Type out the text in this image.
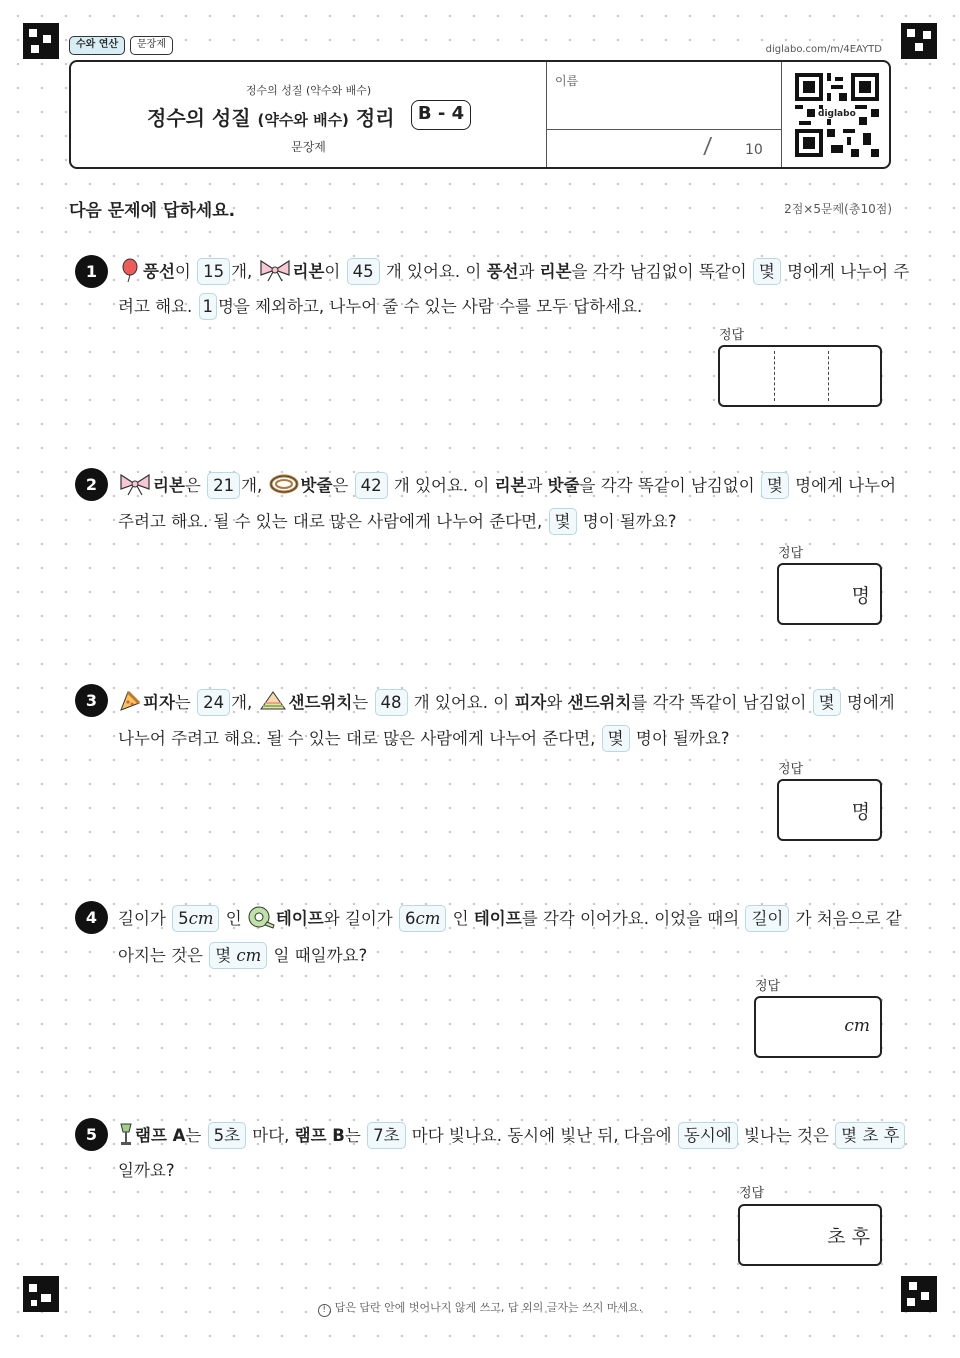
수와 연산	문장제	diglabo.com/m/4EAYTD
정수의 성질 (약수와 배수)
정수의 성질 (약수와 배수) 정리	B - 4
문장제
이름
/ 10
diglabo
다음 문제에 답하세요.	2점×5문제(총10점)
1	풍선이 15 개, 리본이 45 개 있어요. 이 풍선과 리본을 각각 남김없이 똑같이 몇 명에게 나누어 주
려고 해요. 1 명을 제외하고, 나누어 줄 수 있는 사람 수를 모두 답하세요.
정답
2	리본은 21 개, 밧줄은 42 개 있어요. 이 리본과 밧줄을 각각 똑같이 남김없이 몇 명에게 나누어
주려고 해요. 될 수 있는 대로 많은 사람에게 나누어 준다면, 몇 명이 될까요?
정답
명
3	피자는 24 개, 샌드위치는 48 개 있어요. 이 피자와 샌드위치를 각각 똑같이 남김없이 몇 명에게
나누어 주려고 해요. 될 수 있는 대로 많은 사람에게 나누어 준다면, 몇 명이 될까요?
정답
명
4	길이가 5cm 인 테이프와 길이가 6cm 인 테이프를 각각 이어가요. 이었을 때의 길이 가 처음으로 같
아지는 것은 몇 cm 일 때일까요?
정답
cm
5	램프 A는 5초 마다, 램프 B는 7초 마다 빛나요. 동시에 빛난 뒤, 다음에 동시에 빛나는 것은 몇 초 후
일까요?
정답
초 후
! 답은 답란 안에 벗어나지 않게 쓰고, 답 외의 글자는 쓰지 마세요.
